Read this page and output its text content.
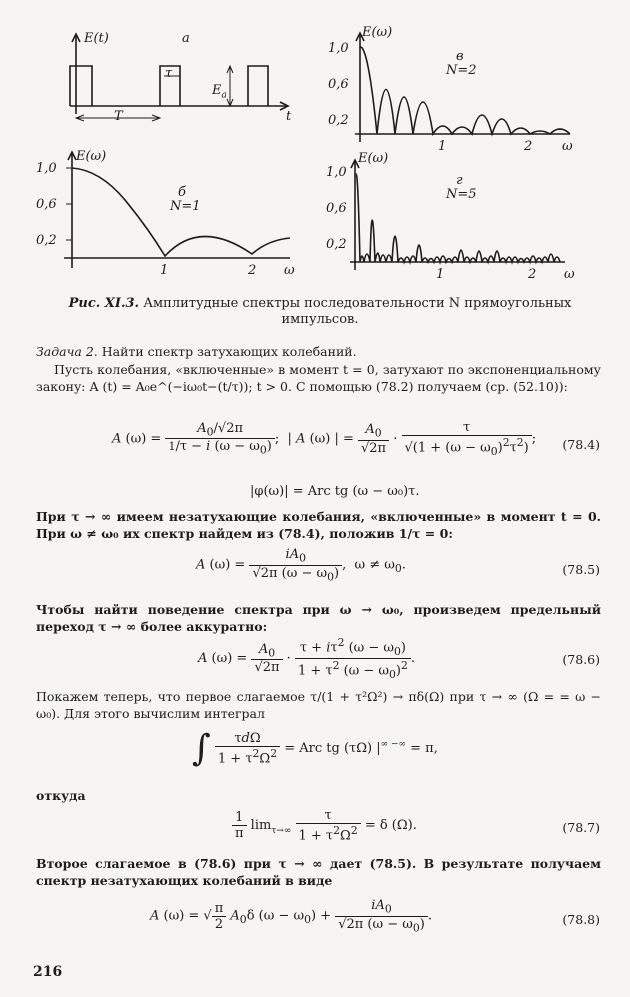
E(t)	а
τ
$E_а$
T	t
E(ω)
1,0
0,6
0,2
б
N=1
1	2 ω
E(ω)
1,0
0,6
0,2
в
N=2
1	2 ω
E(ω)
1,0
0,6
0,2
г
N=5
1	2 ω
Рис. XI.3. Амплитудные спектры последовательности N прямоугольных импульсов.
Задача 2. Найти спектр затухающих колебаний.
Пусть колебания, «включенные» в момент t = 0, затухают по экспоненциальному закону: A (t) = A₀e^(−iω₀t−(t/τ)); t > 0. С помощью (78.2) получаем (ср. (52.10)):
A $(\omega) = \frac{A_0/√2\pi}{1/\tau - i (\omega - \omega_0)}$ ;  | A (ω) | = $\frac{A_0}{√2\pi} \cdot \frac{\tau}{√(1 + (\omega - \omega_0)^2\tau^2)}$ ; (78.4)
|φ(ω)| = Arc tg (ω − ω₀)τ.
При τ → ∞ имеем незатухающие колебания, «включенные» в момент t = 0. При ω ≠ ω₀ их спектр найдем из (78.4), положив 1/τ = 0:
A $(\omega) = \frac{iA_0}{√2\pi (\omega - \omega_0)}$ ,  $\omega \ne \omega_0$.	(78.5)
Чтобы найти поведение спектра при ω → ω₀, произведем предельный переход τ → ∞ более аккуратно:
A $(\omega) = \frac{A_0}{√2\pi} \cdot \frac{\tau + i\tau^2 (\omega - \omega_0)}{1 + \tau^2 (\omega - \omega_0)^2}$ .	(78.6)
Покажем теперь, что первое слагаемое τ/(1 + τ²Ω²) → πδ(Ω) при τ → ∞ (Ω = = ω − ω₀). Для этого вычислим интеграл
∫ $\frac{\text{τdΩ}}{1 + \tau^2\Omega^2}$ = Arc tg (τΩ) |∞ −∞ = π,
откуда
$\frac{1}{\pi} \lim_{\tau\to\infty} \frac{\tau}{1 + \tau^2\Omega^2} = \delta$ (Ω).	(78.7)
Второе слагаемое в (78.6) при τ → ∞ дает (78.5). В результате получаем спектр незатухающих колебаний в виде
A (ω) = √ $\frac{\pi}{2} A_0\delta$ $(\omega - \omega_0) + \frac{iA_0}{√2\pi (\omega - \omega_0)}$ .	(78.8)
216
